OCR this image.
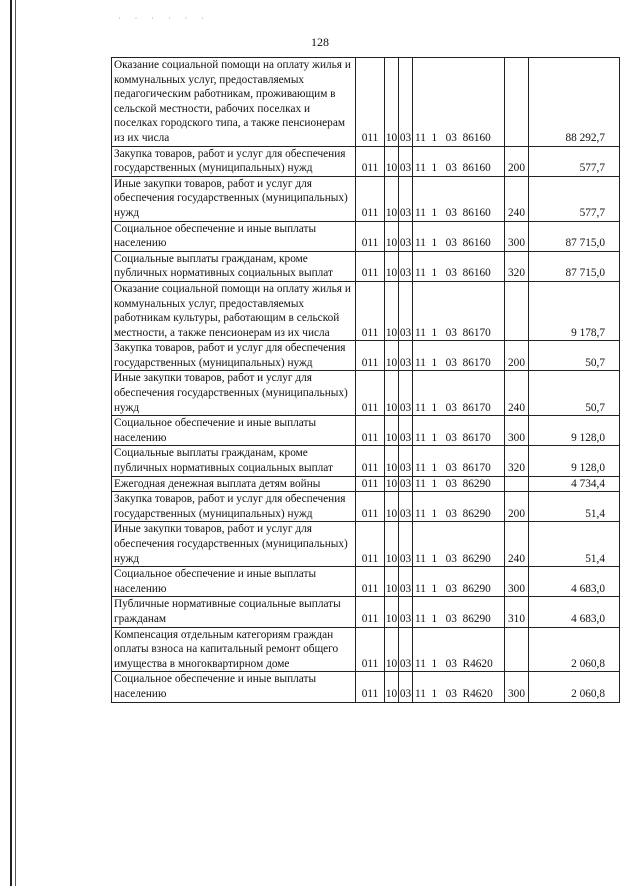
· · · · · ·
128
Оказание социальной помощи на оплату жилья и коммунальных услуг, предоставляемых педагогическим работникам, проживающим в сельской местности, рабочих поселках и поселках городского типа, а также пенсионерам из их числа	011	10	03	11  1   03  86160		88 292,7
Закупка товаров, работ и услуг для обеспечения государственных (муниципальных) нужд	011	10	03	11  1   03  86160	200	577,7
Иные закупки товаров, работ и услуг для обеспечения государственных (муниципальных) нужд	011	10	03	11  1   03  86160	240	577,7
Социальное обеспечение и иные выплаты населению	011	10	03	11  1   03  86160	300	87 715,0
Социальные выплаты гражданам, кроме публичных нормативных социальных выплат	011	10	03	11  1   03  86160	320	87 715,0
Оказание социальной помощи на оплату жилья и коммунальных услуг, предоставляемых работникам культуры, работающим в сельской местности, а также пенсионерам из их числа	011	10	03	11  1   03  86170		9 178,7
Закупка товаров, работ и услуг для обеспечения государственных (муниципальных) нужд	011	10	03	11  1   03  86170	200	50,7
Иные закупки товаров, работ и услуг для обеспечения государственных (муниципальных) нужд	011	10	03	11  1   03  86170	240	50,7
Социальное обеспечение и иные выплаты населению	011	10	03	11  1   03  86170	300	9 128,0
Социальные выплаты гражданам, кроме публичных нормативных социальных выплат	011	10	03	11  1   03  86170	320	9 128,0
Ежегодная денежная выплата детям войны	011	10	03	11  1   03  86290		4 734,4
Закупка товаров, работ и услуг для обеспечения государственных (муниципальных) нужд	011	10	03	11  1   03  86290	200	51,4
Иные закупки товаров, работ и услуг для обеспечения государственных (муниципальных) нужд	011	10	03	11  1   03  86290	240	51,4
Социальное обеспечение и иные выплаты населению	011	10	03	11  1   03  86290	300	4 683,0
Публичные нормативные социальные выплаты гражданам	011	10	03	11  1   03  86290	310	4 683,0
Компенсация отдельным категориям граждан оплаты взноса на капитальный ремонт общего имущества в многоквартирном доме	011	10	03	11  1   03  R4620		2 060,8
Социальное обеспечение и иные выплаты населению	011	10	03	11  1   03  R4620	300	2 060,8
